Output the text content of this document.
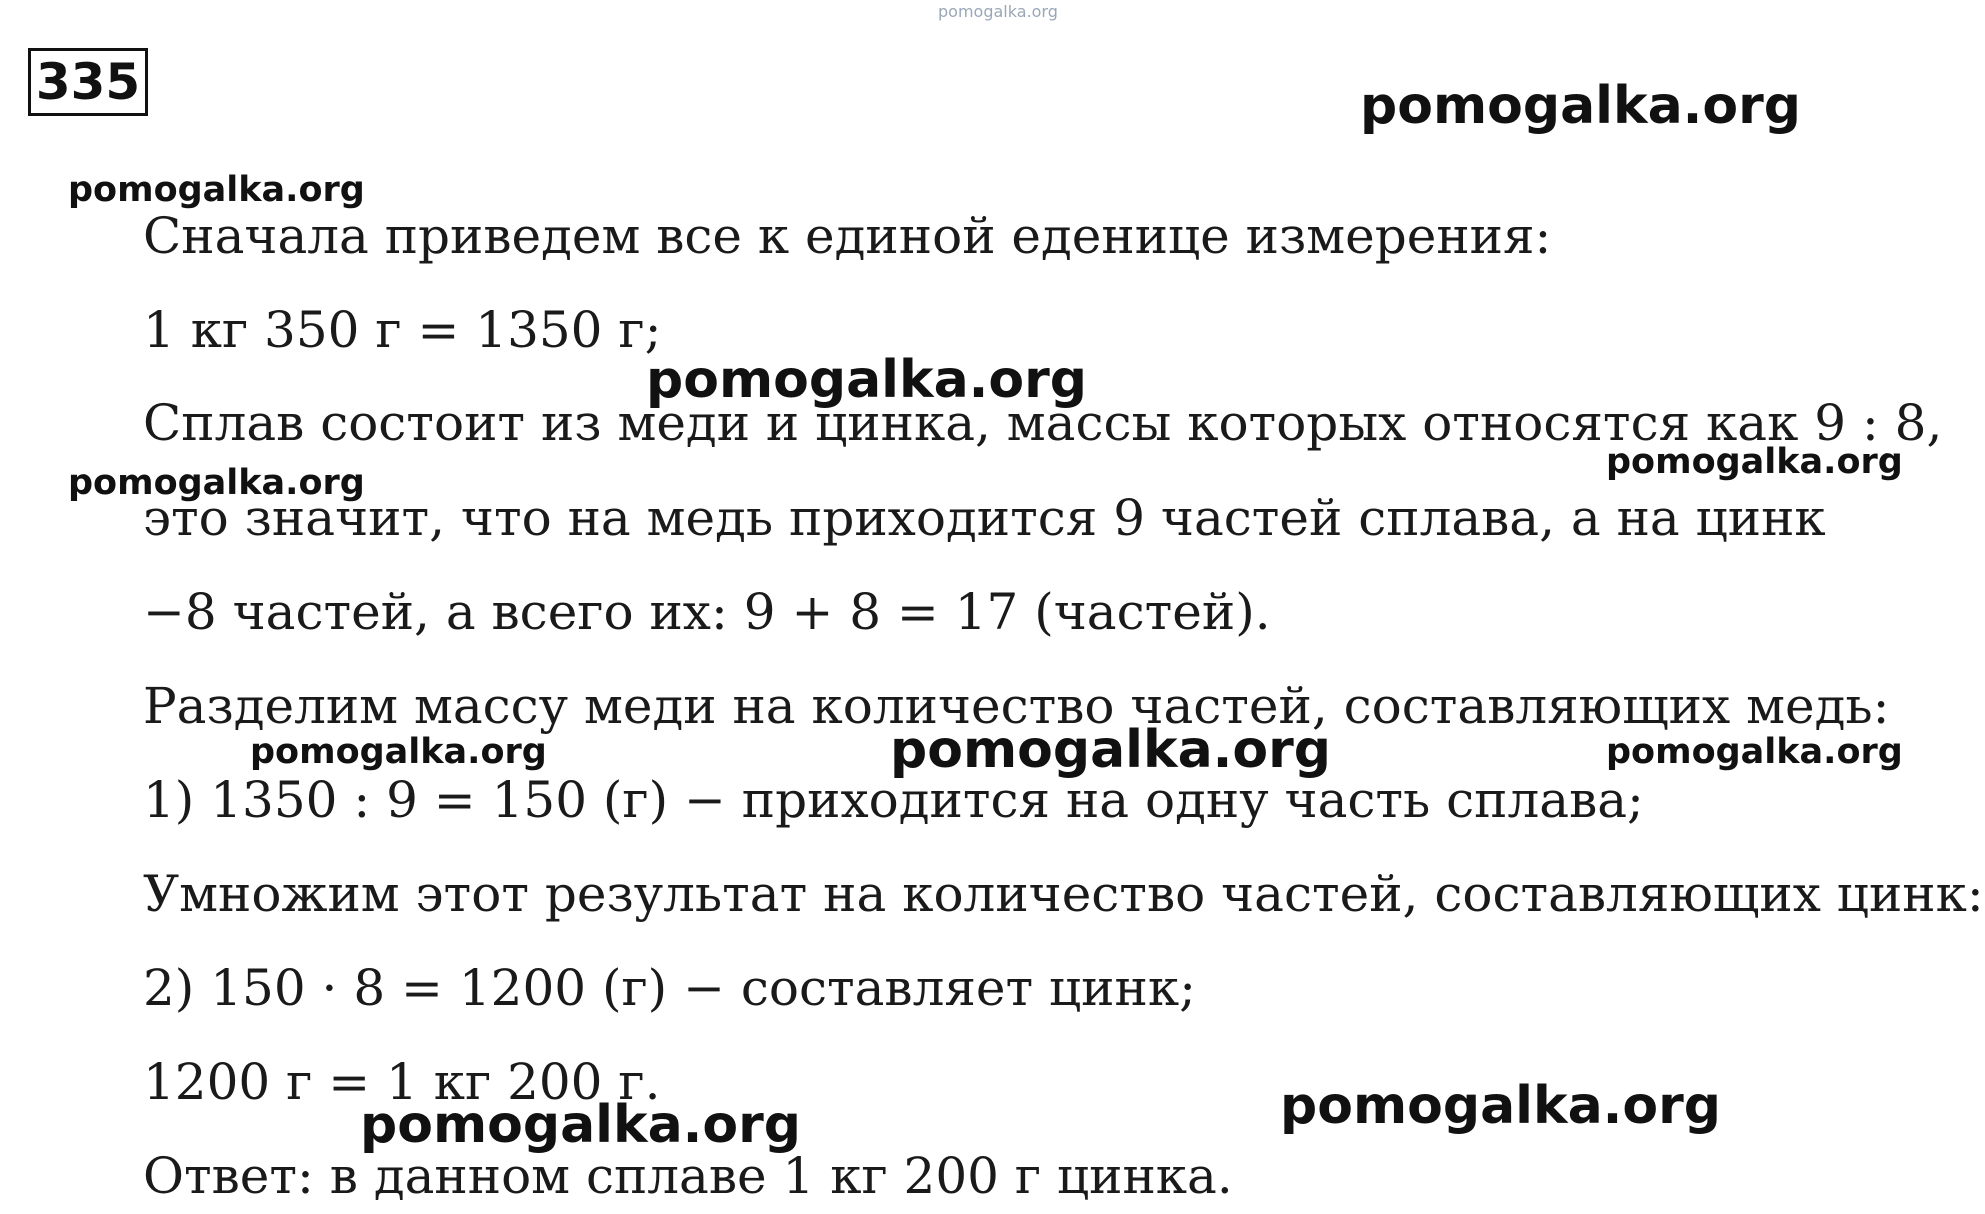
335
pomogalka.org
pomogalka.org
pomogalka.org
pomogalka.org
pomogalka.org
pomogalka.org
pomogalka.org	pomogalka.org	pomogalka.org
pomogalka.org	pomogalka.org
Сначала приведем все к единой еденице измерения:
1 кг 350 г = 1350 г;
Сплав состоит из меди и цинка, массы которых относятся как 9 : 8,
это значит, что на медь приходится 9 частей сплава, а на цинк
−8 частей, а всего их: 9 + 8 = 17 (частей).
Разделим массу меди на количество частей, составляющих медь:
1) 1350 : 9 = 150 (г) − приходится на одну часть сплава;
Умножим этот результат на количество частей, составляющих цинк:
2) 150 · 8 = 1200 (г) − составляет цинк;
1200 г = 1 кг 200 г.
Ответ: в данном сплаве 1 кг 200 г цинка.
